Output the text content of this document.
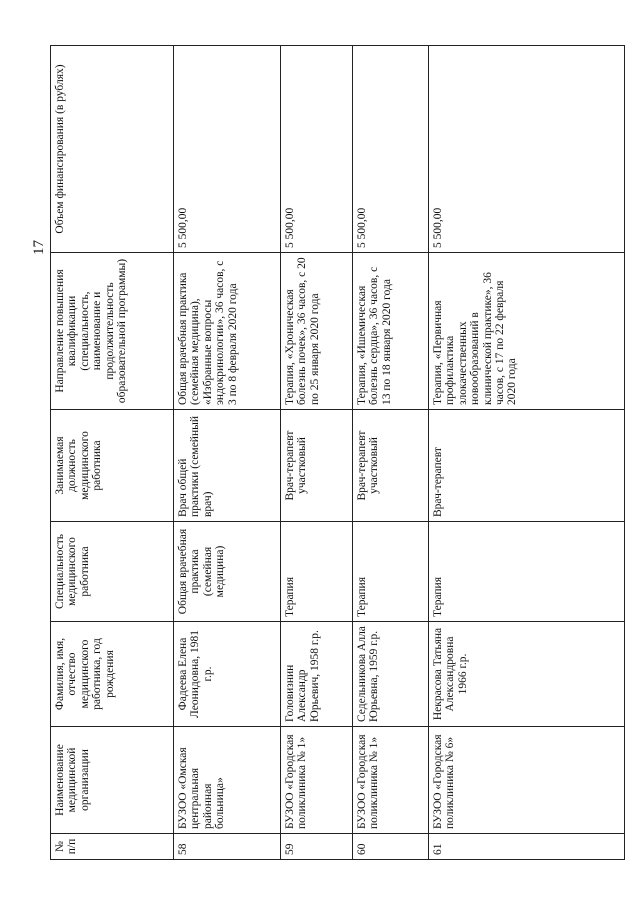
17
№
п/п	Наименование медицинской организации	Фамилия, имя, отчество медицинского работника, год рождения	Специальность медицинского работника	Занимаемая должность медицинского работника	Направление повышения квалификации (специальность, наименование и продолжительность образовательной программы)	Объем финансирования (в рублях)
58	БУЗОО «Омская центральная районная больница»	Фадеева Елена Леонидовна, 1981 г.р.	Общая врачебная практика (семейная медицина)	Врач общей практики (семейный врач)	Общая врачебная практика (семейная медицина), «Избранные вопросы эндокринологии», 36 часов, с 3 по 8 февраля 2020 года	5 500,00
59	БУЗОО «Городская поликлиника № 1»	Головизнин Александр Юрьевич, 1958 г.р.	Терапия	Врач-терапевт участковый	Терапия, «Хроническая болезнь почек», 36 часов, с 20 по 25 января 2020 года	5 500,00
60	БУЗОО «Городская поликлиника № 1»	Седельникова Алла Юрьевна, 1959 г.р.	Терапия	Врач-терапевт участковый	Терапия, «Ишемическая болезнь сердца», 36 часов, с 13 по 18 января 2020 года	5 500,00
61	БУЗОО «Городская поликлиника № 6»	Некрасова Татьяна Александровна 1966 г.р.	Терапия	Врач-терапевт	Терапия, «Первичная профилактика злокачественных новообразований в клинической практике», 36 часов, с 17 по 22 февраля 2020 года	5 500,00
